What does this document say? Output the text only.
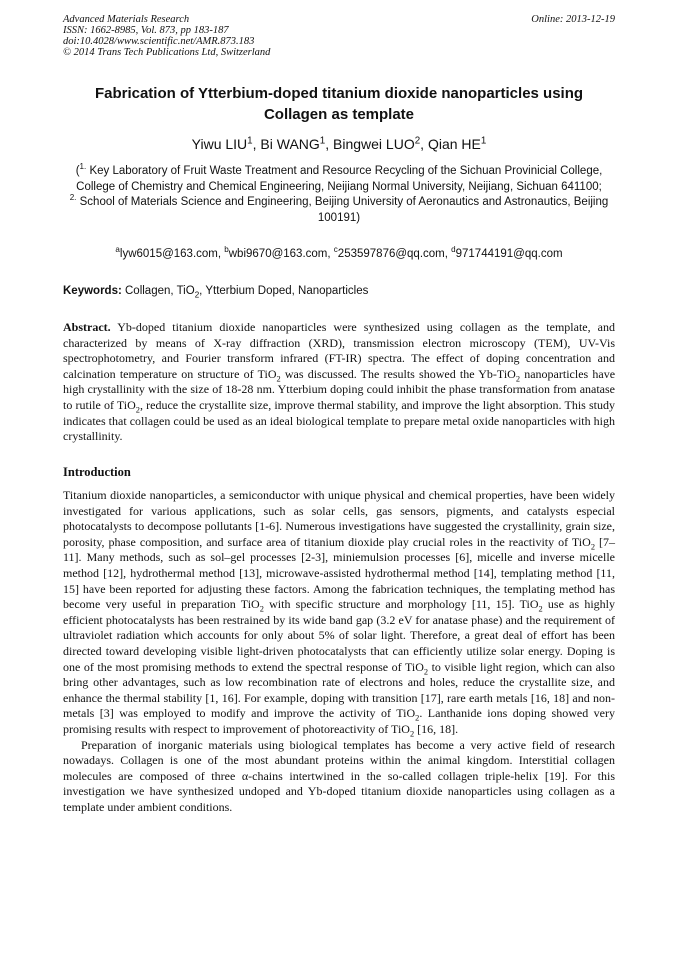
Advanced Materials Research
ISSN: 1662-8985, Vol. 873, pp 183-187
doi:10.4028/www.scientific.net/AMR.873.183
© 2014 Trans Tech Publications Ltd, Switzerland
Online: 2013-12-19
Fabrication of Ytterbium-doped titanium dioxide nanoparticles using
Collagen as template
Yiwu LIU$^1$, Bi WANG$^1$, Bingwei LUO$^2$, Qian $HE^1$
($^{1.}$ Key Laboratory of Fruit Waste Treatment and Resource Recycling of the Sichuan Provinicial College, College of Chemistry and Chemical Engineering, Neijiang Normal University, Neijiang, Sichuan 641100;
$^{2.}$ School of Materials Science and Engineering, Beijing University of Aeronautics and Astronautics, Beijing 100191)
$^a$lyw6015@163.com, $^b$wbi9670@163.com, $^c$253597876@qq.com, $^d$971744191@qq.com
Keywords: Collagen, TiO$_2$, Ytterbium Doped, Nanoparticles
Abstract. Yb-doped titanium dioxide nanoparticles were synthesized using collagen as the template, and characterized by means of X-ray diffraction (XRD), transmission electron microscopy (TEM), UV-Vis spectrophotometry, and Fourier transform infrared (FT-IR) spectra. The effect of doping concentration and calcination temperature on structure of TiO$_2$ was discussed. The results showed the Yb-TiO$_2$ nanoparticles have high crystallinity with the size of 18-28 nm. Ytterbium doping could inhibit the phase transformation from anatase to rutile of TiO$_2$, reduce the crystallite size, improve thermal stability, and improve the light absorption. This study indicates that collagen could be used as an ideal biological template to prepare metal oxide nanoparticles with high crystallinity.
Introduction

Titanium dioxide nanoparticles, a semiconductor with unique physical and chemical properties, have been widely investigated for various applications, such as solar cells, gas sensors, pigments, and catalysts especial photocatalysts to decompose pollutants [1-6]. Numerous investigations have suggested the crystallinity, grain size, porosity, phase composition, and surface area of titanium dioxide play crucial roles in the reactivity of TiO$_2$ [7–11]. Many methods, such as sol–gel processes [2-3], miniemulsion processes [6], micelle and inverse micelle method [12], hydrothermal method [13], microwave-assisted hydrothermal method [14], templating method [11, 15] have been reported for adjusting these factors. Among the fabrication techniques, the templating method has become very useful in preparation TiO$_2$ with specific structure and morphology [11, 15]. TiO$_2$ use as highly efficient photocatalysts has been restrained by its wide band gap (3.2 eV for anatase phase) and the requirement of ultraviolet radiation which accounts for only about 5% of solar light. Therefore, a great deal of effort has been directed toward developing visible light-driven photocatalysts that can efficiently utilize solar energy. Doping is one of the most promising methods to extend the spectral response of TiO$_2$ to visible light region, which can also bring other advantages, such as low recombination rate of electrons and holes, reduce the crystallite size, and enhance the thermal stability [1, 16]. For example, doping with transition [17], rare earth metals [16, 18] and non-metals [3] was employed to modify and improve the activity of TiO$_2$. Lanthanide ions doping showed very promising results with respect to improvement of photoreactivity of TiO$_2$ [16, 18].

Preparation of inorganic materials using biological templates has become a very active field of research nowadays. Collagen is one of the most abundant proteins within the animal kingdom. Interstitial collagen molecules are composed of three α-chains intertwined in the so-called collagen triple-helix [19]. For this investigation we have synthesized undoped and Yb-doped titanium dioxide nanoparticles using collagen as a template under ambient conditions.
